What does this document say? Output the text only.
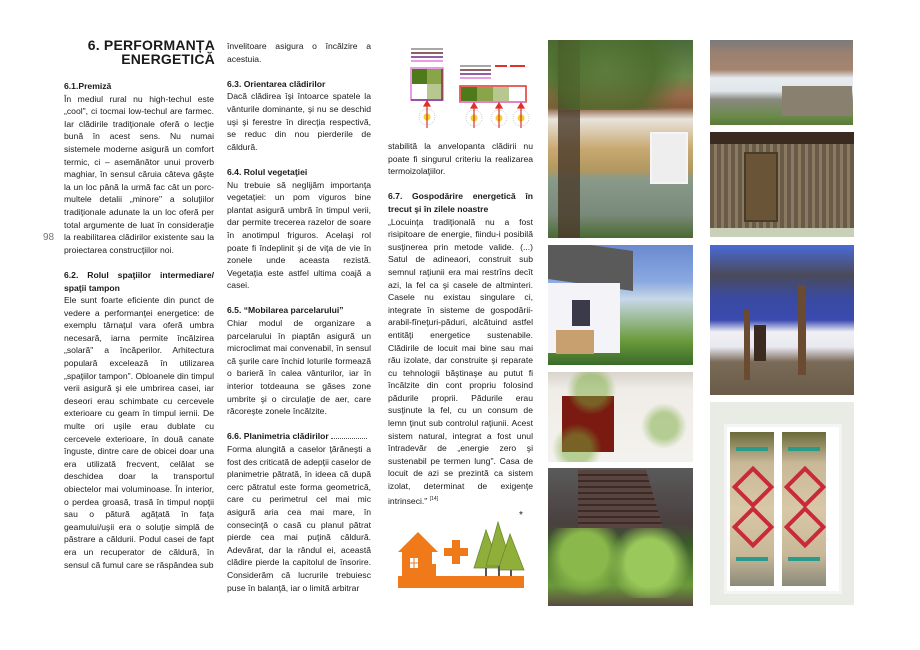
6. PERFORMANȚA
ENERGETICĂ
98
6.1.Premiză

În mediul rural nu high-techul este „cool", ci tocmai low-techul are farmec. Iar clădirile tradiţionale oferă o lecţie bună în acest sens. Nu numai sistemele moderne asigură un comfort termic, ci – asemănător unui proverb maghiar, în sensul căruia câteva gâşte la un loc până la urmă fac cât un porc- multele detalii „minore" a soluţiilor tradiţionale adunate la un loc oferă per total argumente de luat în consideraţie la reabilitarea clădirilor existente sau la proiectarea construcţiilor noi.

6.2. Rolul spaţiilor intermediare/ spaţii tampon

Ele sunt foarte eficiente din punct de vedere a performanţei energetice: de exemplu târnaţul vara oferă umbra necesară, iarna permite încălzirea „solară" a încăperilor. Arhitectura populară excelează în utilizarea „spaţiilor tampon". Obloanele din timpul verii asigură şi ele umbrirea casei, iar deseori erau schimbate cu cercevele exterioare cu geam în timpul iernii. De multe ori uşile erau dublate cu cercevele exterioare, în două canate înguste, dintre care de obicei doar una era utilizată frecvent, celălat se deschidea doar la transportul obiectelor mai voluminoase. În interior, o perdea groasă, trasă în timpul nopţii sau o pătură agăţată în faţa geamului/uşii era o soluţie simplă de păstrare a căldurii. Podul casei de fapt era un recuperator de căldură, în sensul că fumul care se răspândea sub

învelitoare asigura o încălzire a acestuia.

6.3. Orientarea clădirilor

Dacă clădirea îşi întoarce spatele la vânturile dominante, şi nu se deschid uşi şi ferestre în direcţia respectivă, se reduc din nou pierderile de căldură.

6.4. Rolul vegetaţiei

Nu trebuie să neglijăm importanţa vegetaţiei: un pom viguros bine plantat asigură umbră în timpul verii, dar permite trecerea razelor de soare în anotimpul friguros. Acelaşi rol poate fi îndeplinit şi de viţa de vie în zonele unde aceasta rezistă. Vegetaţia este astfel ultima coajă a casei.

6.5. “Mobilarea parcelarului”

Chiar modul de organizare a parcelarului în piaptăn asigură un microclimat mai convenabil, în sensul că şurile care închid loturile formează o barieră în calea vânturilor, iar în interior totdeauna se găses zone umbrite şi o circulaţie de aer, care răcoreşte zonele încălzite.

6.6. Planimetria clădirilor

Forma alungită a caselor ţărăneşti a fost des criticată de adepţii caselor de planimetrie pătrată, în ideea că după cerc pătratul este forma geometrică, care cu perimetrul cel mai mic asigură aria cea mai mare, în consecinţă o casă cu planul pătrat pierde cea mai puţină căldură. Adevărat, dar la rândul ei, această clădire pierde la capitolul de însorire. Considerăm că lucrurile trebuiesc puse în balanţă, iar o limită arbitrar

stabilită la anvelopanta clădirii nu poate fi singurul criteriu la realizarea termoizolaţiilor.

6.7. Gospodărire energetică în trecut şi în zilele noastre

„Locuinţa tradiţională nu a fost risipitoare de energie, fiindu-i posibilă susţinerea prin metode valide. (...) Satul de adineaori, construit sub semnul raţiunii era mai restrîns decît azi, la fel ca şi casele de altminteri. Casele nu existau singulare ci, integrate în sisteme de gospodării-arabil-fîneţuri-păduri, alcătuind astfel entităţi energetice sustenabile. Clădirile de locuit mai bine sau mai rău izolate, dar construite şi reparate cu tehnologii băştinaşe au putut fi încălzite din cont propriu folosind pădurile proprii. Pădurile erau susţinute la fel, cu un consum de lemn ţinut sub controlul raţiunii. Acest sistem natural, integrat a fost unul întradevăr de „energie zero şi sustenabil pe termen lung". Casa de locuit de azi se prezintă ca sistem izolat, determinat de exigenţe intrinseci." [14]

*
